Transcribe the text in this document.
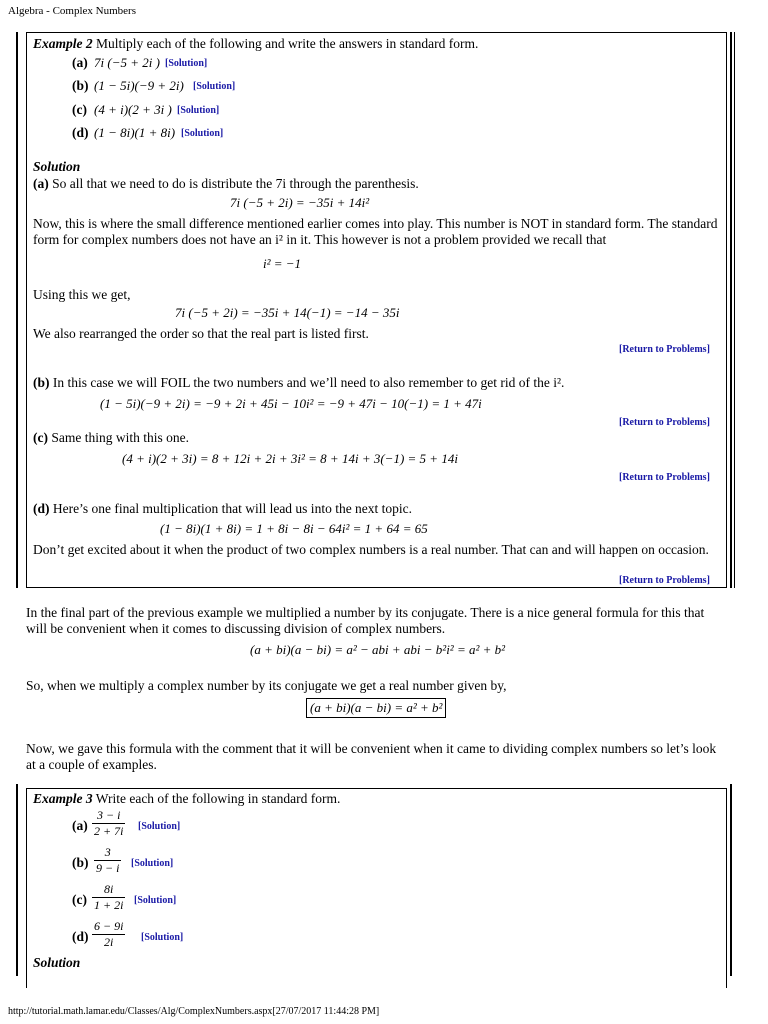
Algebra - Complex Numbers
http://tutorial.math.lamar.edu/Classes/Alg/ComplexNumbers.aspx[27/07/2017 11:44:28 PM]
Example 2 Multiply each of the following and write the answers in standard form.
(a) 7i (−5 + 2i ) [Solution]
(b) (1 − 5i)(−9 + 2i) [Solution]
(c) (4 + i)(2 + 3i ) [Solution]
(d) (1 − 8i)(1 + 8i) [Solution]
Solution
(a) So all that we need to do is distribute the 7i through the parenthesis.
7i (−5 + 2i) = −35i + 14i²
Now, this is where the small difference mentioned earlier comes into play. This number is NOT in standard form. The standard form for complex numbers does not have an i² in it. This however is not a problem provided we recall that
i² = −1
Using this we get,
7i (−5 + 2i) = −35i + 14(−1) = −14 − 35i
We also rearranged the order so that the real part is listed first.
[Return to Problems]
(b) In this case we will FOIL the two numbers and we’ll need to also remember to get rid of the i².
(1 − 5i)(−9 + 2i) = −9 + 2i + 45i − 10i² = −9 + 47i − 10(−1) = 1 + 47i
[Return to Problems]
(c) Same thing with this one.
(4 + i)(2 + 3i) = 8 + 12i + 2i + 3i² = 8 + 14i + 3(−1) = 5 + 14i
[Return to Problems]
(d) Here’s one final multiplication that will lead us into the next topic.
(1 − 8i)(1 + 8i) = 1 + 8i − 8i − 64i² = 1 + 64 = 65
Don’t get excited about it when the product of two complex numbers is a real number. That can and will happen on occasion.
[Return to Problems]
In the final part of the previous example we multiplied a number by its conjugate. There is a nice general formula for this that will be convenient when it comes to discussing division of complex numbers.
(a + bi)(a − bi) = a² − abi + abi − b²i² = a² + b²
So, when we multiply a complex number by its conjugate we get a real number given by,
(a + bi)(a − bi) = a² + b²
Now, we gave this formula with the comment that it will be convenient when it came to dividing complex numbers so let’s look at a couple of examples.
Example 3 Write each of the following in standard form.
$(a) \frac{3 - i}{2 + 7i}$ [Solution]
$(b) \frac{3}{9 - i}$ [Solution]
$(c) \frac{8i}{1 + 2i}$ [Solution]
$(d) \frac{6 - 9i}{2i}$ [Solution]
Solution
